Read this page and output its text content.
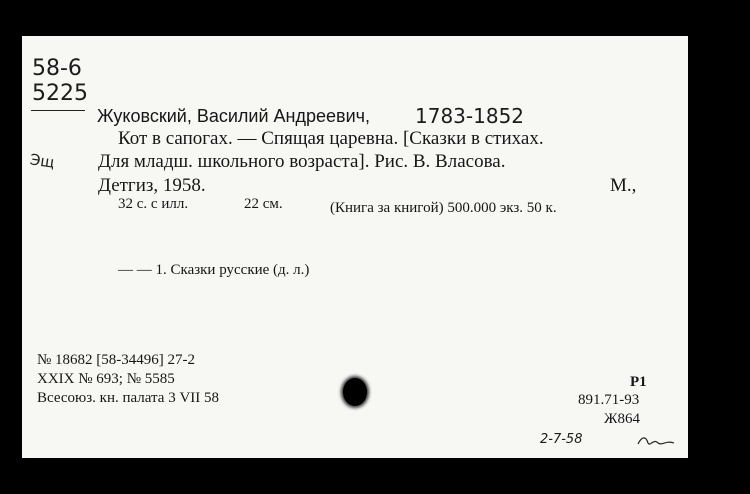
58-6
5225
Эщ
Жуковский, Василий Андреевич, 1783-1852
Кот в сапогах. — Спящая царевна. [Сказки в стихах.
Для младш. школьного возраста]. Рис. В. Власова.
М.,
Детгиз, 1958.
32 с. с илл.	22 см.	(Книга за книгой) 500.000 экз. 50 к.
— — 1. Сказки русские (д. л.)
№ 18682 [58-34496] 27-2
XXIX № 693; № 5585
Всесоюз. кн. палата 3 VII 58
Р1
891.71-93
Ж864
2-7-58
